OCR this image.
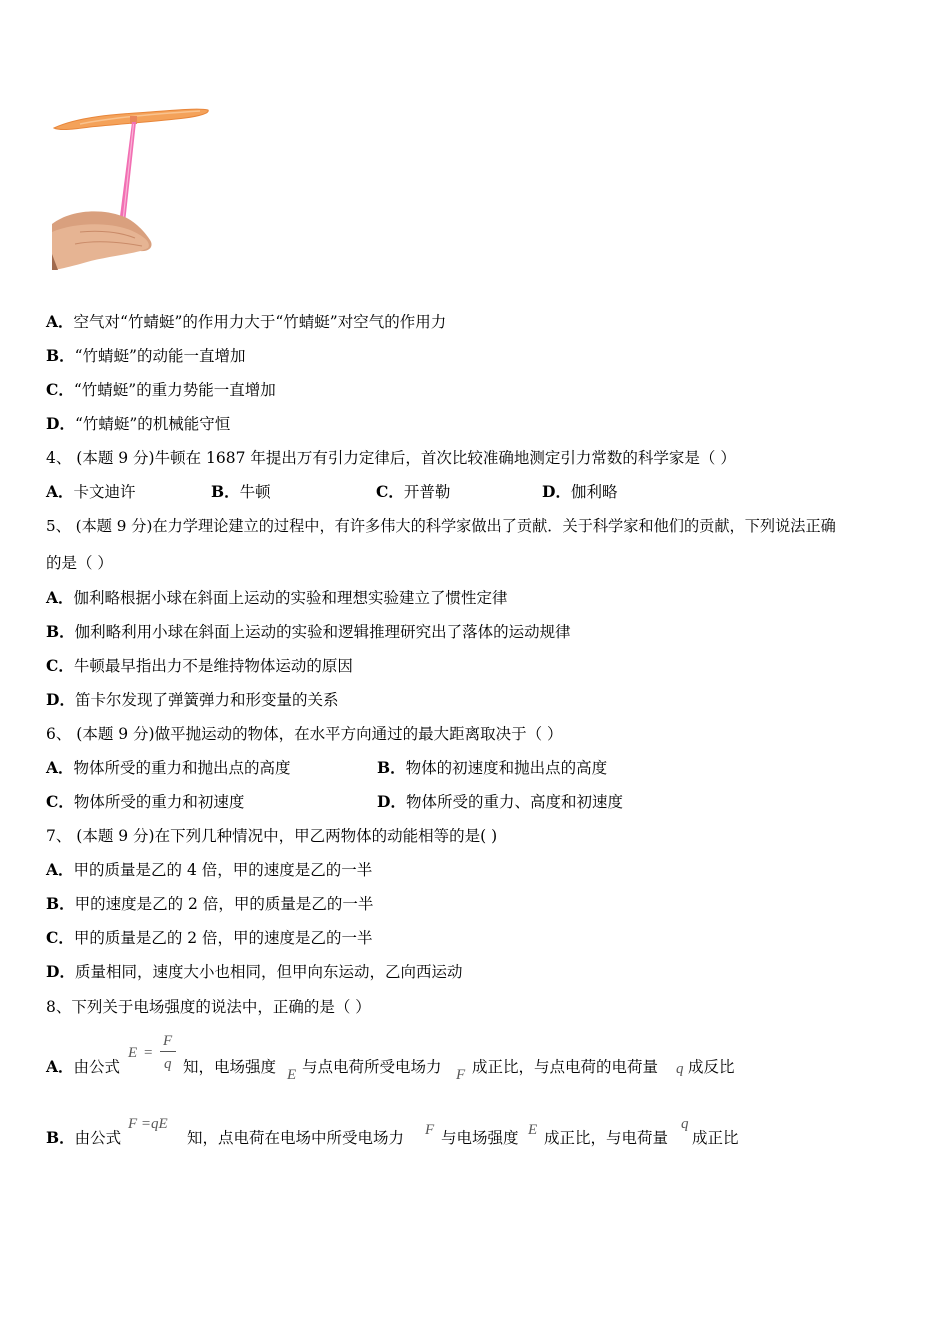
A．空气对“竹蜻蜓”的作用力大于“竹蜻蜓”对空气的作用力
B．“竹蜻蜓”的动能一直增加
C．“竹蜻蜓”的重力势能一直增加
D．“竹蜻蜓”的机械能守恒
4、 (本题 9 分)牛顿在 1687 年提出万有引力定律后，首次比较准确地测定引力常数的科学家是（ ）
A．卡文迪许	B．牛顿	C．开普勒	D．伽利略
5、 (本题 9 分)在力学理论建立的过程中，有许多伟大的科学家做出了贡献．关于科学家和他们的贡献，下列说法正确
的是（ ）
A．伽利略根据小球在斜面上运动的实验和理想实验建立了惯性定律
B．伽利略利用小球在斜面上运动的实验和逻辑推理研究出了落体的运动规律
C．牛顿最早指出力不是维持物体运动的原因
D．笛卡尔发现了弹簧弹力和形变量的关系
6、 (本题 9 分)做平抛运动的物体，在水平方向通过的最大距离取决于（ ）
A．物体所受的重力和抛出点的高度	B．物体的初速度和抛出点的高度
C．物体所受的重力和初速度	D．物体所受的重力、高度和初速度
7、 (本题 9 分)在下列几种情况中，甲乙两物体的动能相等的是( )
A．甲的质量是乙的 4 倍，甲的速度是乙的一半
B．甲的速度是乙的 2 倍，甲的质量是乙的一半
C．甲的质量是乙的 2 倍，甲的速度是乙的一半
D．质量相同，速度大小也相同，但甲向东运动，乙向西运动
8、下列关于电场强度的说法中，正确的是（ ）
A．由公式
E =
F
q 知，电场强度 E 与点电荷所受电场力 F 成正比，与点电荷的电荷量 q 成反比
B．由公式
F =qE
知，点电荷在电场中所受电场力 F 与电场强度 E 成正比，与电荷量
q
成正比
